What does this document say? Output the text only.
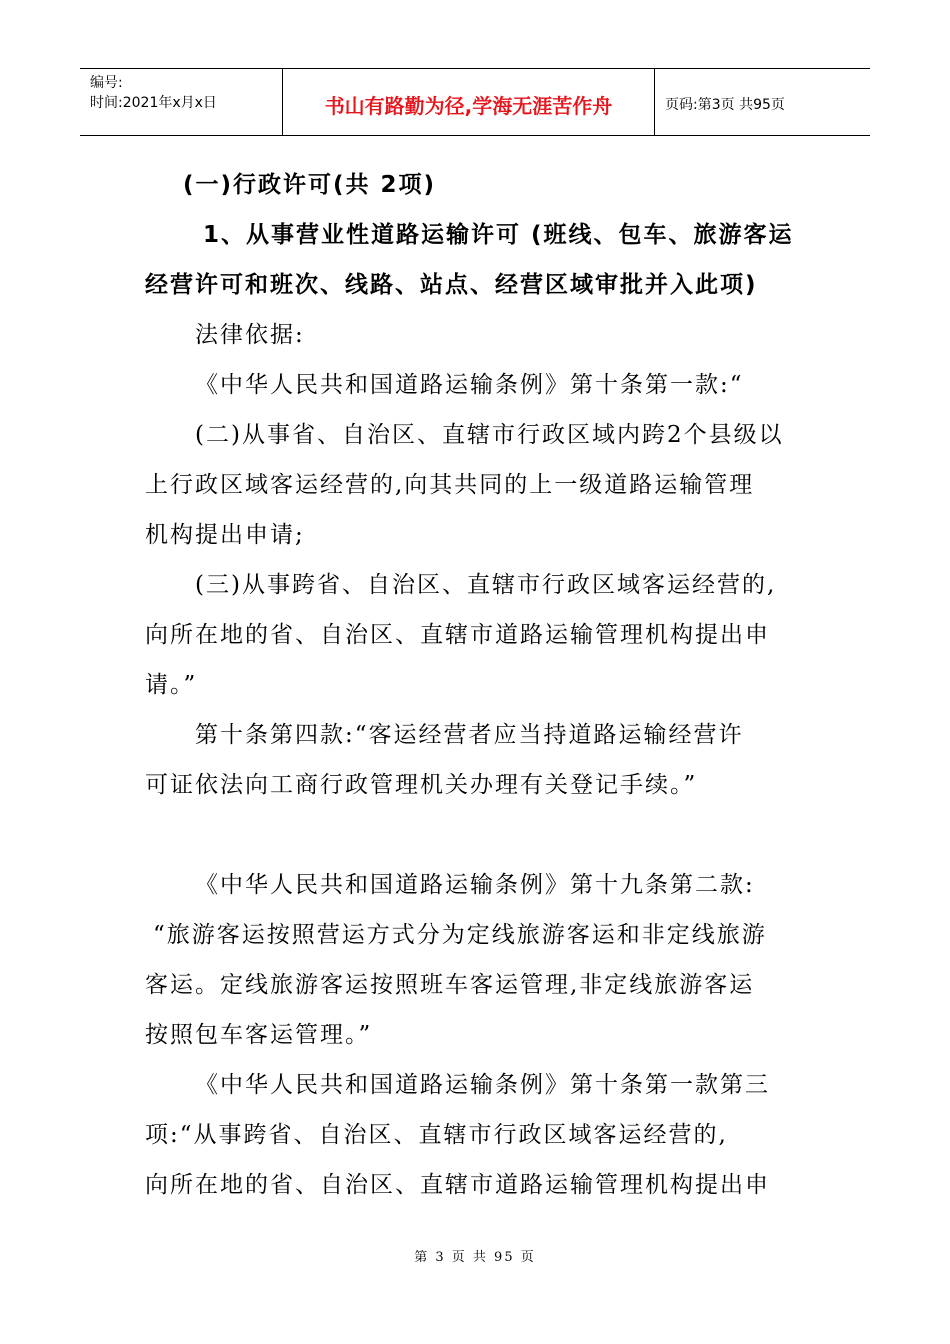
编号:
时间:2021年x月x日	书山有路勤为径,学海无涯苦作舟	页码:第3页 共95页

(一)行政许可(共 2项)

1、从事营业性道路运输许可 (班线、包车、旅游客运

经营许可和班次、线路、站点、经营区域审批并入此项)

法律依据:

《中华人民共和国道路运输条例》第十条第一款:“

(二)从事省、自治区、直辖市行政区域内跨2个县级以

上行政区域客运经营的,向其共同的上一级道路运输管理

机构提出申请;

(三)从事跨省、自治区、直辖市行政区域客运经营的,

向所在地的省、自治区、直辖市道路运输管理机构提出申

请。”

第十条第四款:“客运经营者应当持道路运输经营许

可证依法向工商行政管理机关办理有关登记手续。”

《中华人民共和国道路运输条例》第十九条第二款:

“旅游客运按照营运方式分为定线旅游客运和非定线旅游

客运。定线旅游客运按照班车客运管理,非定线旅游客运

按照包车客运管理。”

《中华人民共和国道路运输条例》第十条第一款第三

项:“从事跨省、自治区、直辖市行政区域客运经营的,

向所在地的省、自治区、直辖市道路运输管理机构提出申

第 3 页 共 95 页
